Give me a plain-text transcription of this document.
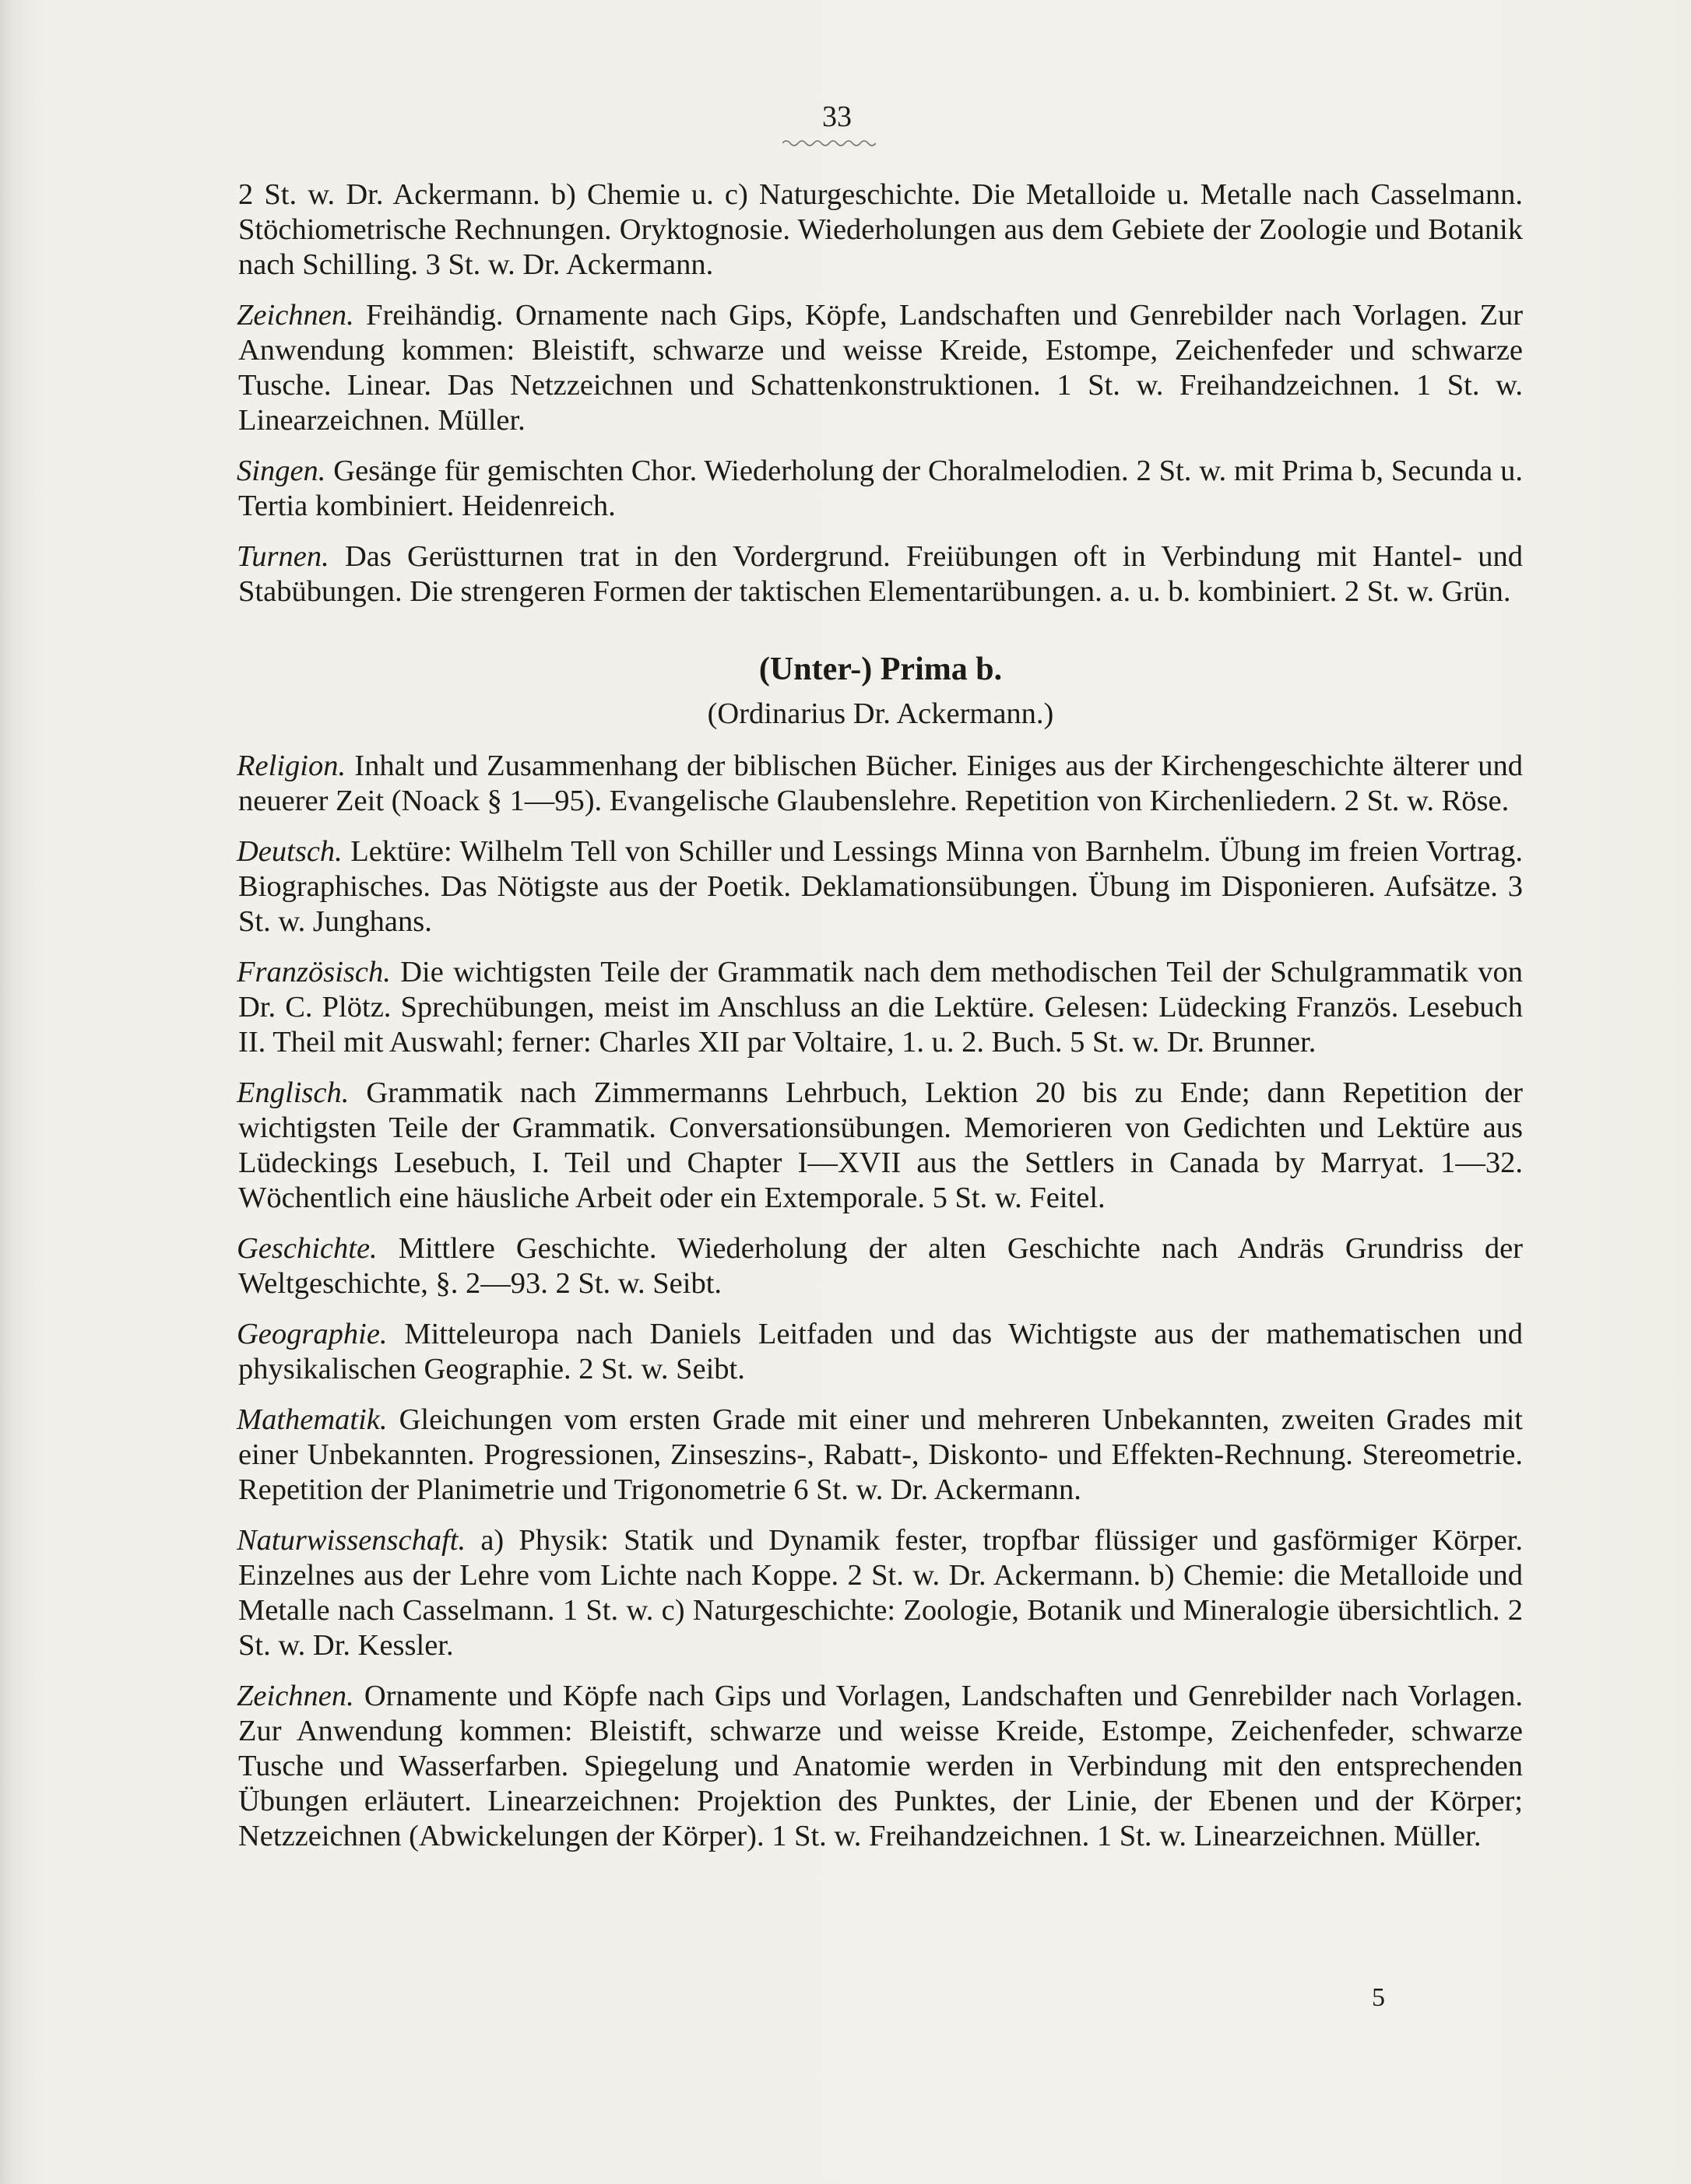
33

2 St. w. Dr. Ackermann. b) Chemie u. c) Naturgeschichte. Die Metalloide u. Metalle nach Casselmann. Stöchiometrische Rechnungen. Oryktognosie. Wiederholungen aus dem Gebiete der Zoologie und Botanik nach Schilling. 3 St. w. Dr. Ackermann.

Zeichnen. Freihändig. Ornamente nach Gips, Köpfe, Landschaften und Genrebilder nach Vorlagen. Zur Anwendung kommen: Bleistift, schwarze und weisse Kreide, Estompe, Zeichenfeder und schwarze Tusche. Linear. Das Netzzeichnen und Schattenkonstruktionen. 1 St. w. Freihandzeichnen. 1 St. w. Linearzeichnen. Müller.

Singen. Gesänge für gemischten Chor. Wiederholung der Choralmelodien. 2 St. w. mit Prima b, Secunda u. Tertia kombiniert. Heidenreich.

Turnen. Das Gerüstturnen trat in den Vordergrund. Freiübungen oft in Verbindung mit Hantel- und Stabübungen. Die strengeren Formen der taktischen Elementarübungen. a. u. b. kombiniert. 2 St. w. Grün.

(Unter-) Prima b.
(Ordinarius Dr. Ackermann.)

Religion. Inhalt und Zusammenhang der biblischen Bücher. Einiges aus der Kirchengeschichte älterer und neuerer Zeit (Noack § 1—95). Evangelische Glaubenslehre. Repetition von Kirchenliedern. 2 St. w. Röse.

Deutsch. Lektüre: Wilhelm Tell von Schiller und Lessings Minna von Barnhelm. Übung im freien Vortrag. Biographisches. Das Nötigste aus der Poetik. Deklamationsübungen. Übung im Disponieren. Aufsätze. 3 St. w. Junghans.

Französisch. Die wichtigsten Teile der Grammatik nach dem methodischen Teil der Schulgrammatik von Dr. C. Plötz. Sprechübungen, meist im Anschluss an die Lektüre. Gelesen: Lüdecking Französ. Lesebuch II. Theil mit Auswahl; ferner: Charles XII par Voltaire, 1. u. 2. Buch. 5 St. w. Dr. Brunner.

Englisch. Grammatik nach Zimmermanns Lehrbuch, Lektion 20 bis zu Ende; dann Repetition der wichtigsten Teile der Grammatik. Conversationsübungen. Memorieren von Gedichten und Lektüre aus Lüdeckings Lesebuch, I. Teil und Chapter I—XVII aus the Settlers in Canada by Marryat. 1—32. Wöchentlich eine häusliche Arbeit oder ein Extemporale. 5 St. w. Feitel.

Geschichte. Mittlere Geschichte. Wiederholung der alten Geschichte nach Andräs Grundriss der Weltgeschichte, §. 2—93. 2 St. w. Seibt.

Geographie. Mitteleuropa nach Daniels Leitfaden und das Wichtigste aus der mathematischen und physikalischen Geographie. 2 St. w. Seibt.

Mathematik. Gleichungen vom ersten Grade mit einer und mehreren Unbekannten, zweiten Grades mit einer Unbekannten. Progressionen, Zinseszins-, Rabatt-, Diskonto- und Effekten-Rechnung. Stereometrie. Repetition der Planimetrie und Trigonometrie 6 St. w. Dr. Ackermann.

Naturwissenschaft. a) Physik: Statik und Dynamik fester, tropfbar flüssiger und gasförmiger Körper. Einzelnes aus der Lehre vom Lichte nach Koppe. 2 St. w. Dr. Ackermann. b) Chemie: die Metalloide und Metalle nach Casselmann. 1 St. w. c) Naturgeschichte: Zoologie, Botanik und Mineralogie übersichtlich. 2 St. w. Dr. Kessler.

Zeichnen. Ornamente und Köpfe nach Gips und Vorlagen, Landschaften und Genrebilder nach Vorlagen. Zur Anwendung kommen: Bleistift, schwarze und weisse Kreide, Estompe, Zeichenfeder, schwarze Tusche und Wasserfarben. Spiegelung und Anatomie werden in Verbindung mit den entsprechenden Übungen erläutert. Linearzeichnen: Projektion des Punktes, der Linie, der Ebenen und der Körper; Netzzeichnen (Abwickelungen der Körper). 1 St. w. Freihandzeichnen. 1 St. w. Linearzeichnen. Müller.

5
